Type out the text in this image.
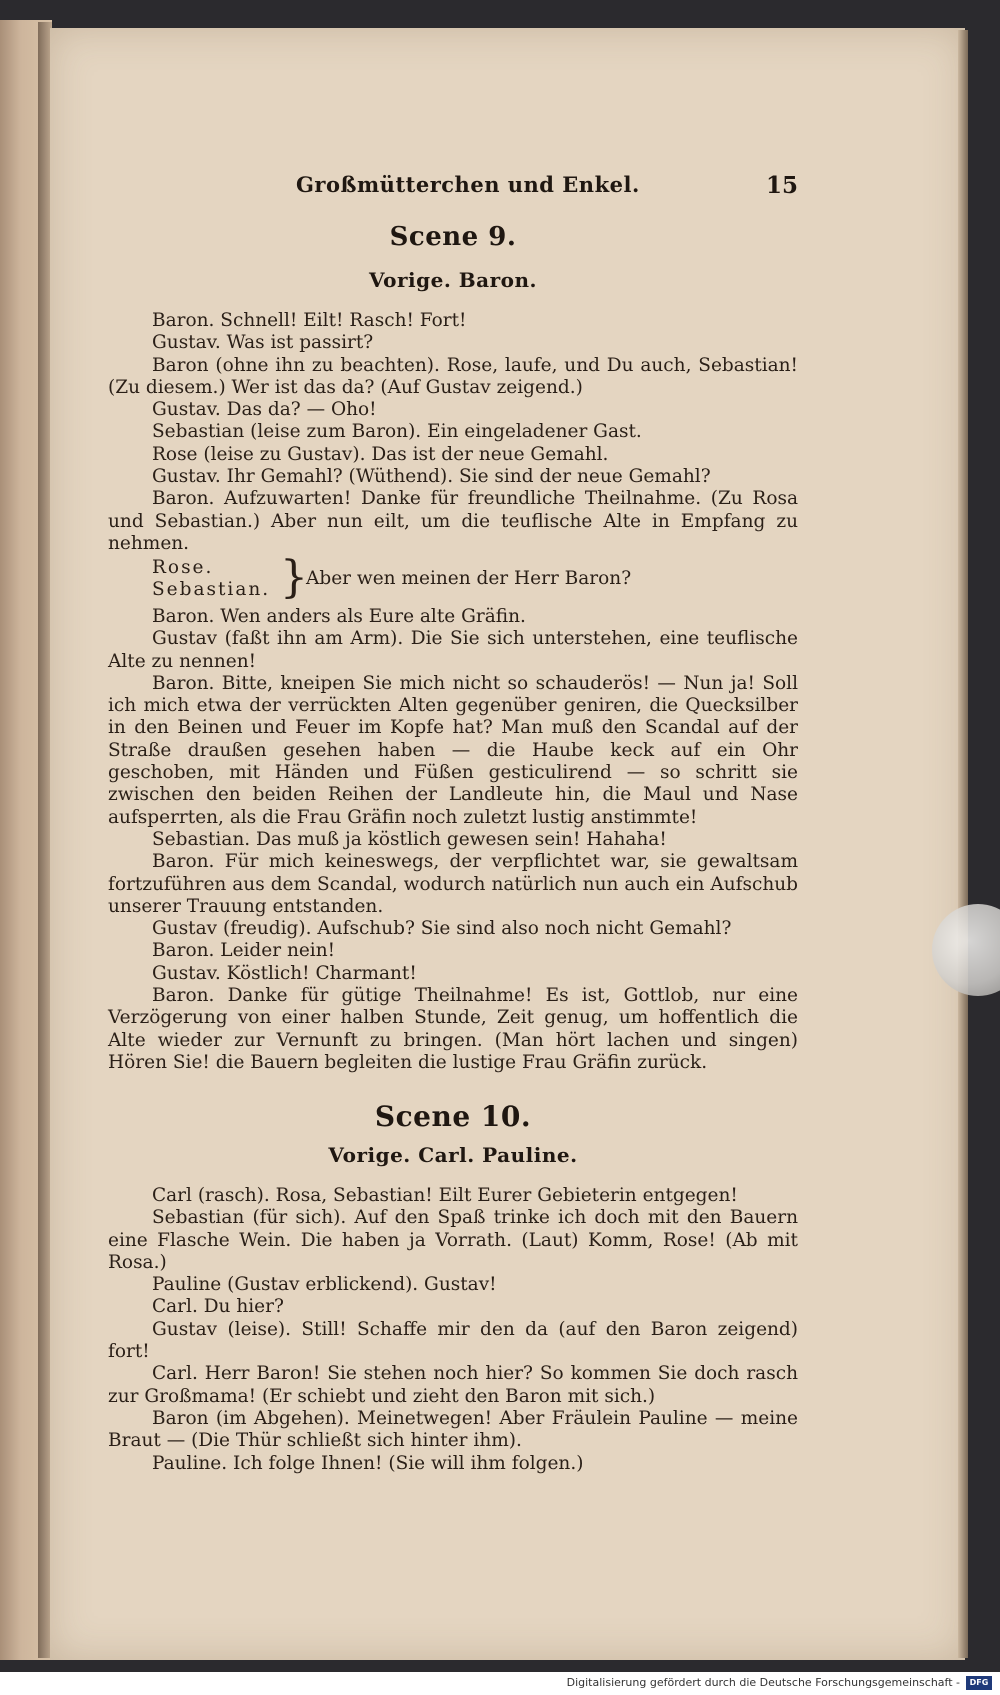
Großmütterchen und Enkel.	15
Scene 9.
Vorige. Baron.

Baron. Schnell! Eilt! Rasch! Fort!

Gustav. Was ist passirt?

Baron (ohne ihn zu beachten). Rose, laufe, und Du auch, Sebastian! (Zu diesem.) Wer ist das da? (Auf Gustav zeigend.)

Gustav. Das da? — Oho!

Sebastian (leise zum Baron). Ein eingeladener Gast.

Rose (leise zu Gustav). Das ist der neue Gemahl.

Gustav. Ihr Gemahl? (Wüthend). Sie sind der neue Gemahl?

Baron. Aufzuwarten! Danke für freundliche Theilnahme. (Zu Rosa und Sebastian.) Aber nun eilt, um die teuflische Alte in Empfang zu nehmen.

Rose.
Sebastian. }
Aber wen meinen der Herr Baron?

Baron. Wen anders als Eure alte Gräfin.

Gustav (faßt ihn am Arm). Die Sie sich unterstehen, eine teuflische Alte zu nennen!

Baron. Bitte, kneipen Sie mich nicht so schauderös! — Nun ja! Soll ich mich etwa der verrückten Alten gegenüber geniren, die Quecksilber in den Beinen und Feuer im Kopfe hat? Man muß den Scandal auf der Straße draußen gesehen haben — die Haube keck auf ein Ohr geschoben, mit Händen und Füßen gesticulirend — so schritt sie zwischen den beiden Reihen der Landleute hin, die Maul und Nase aufsperrten, als die Frau Gräfin noch zuletzt lustig anstimmte!

Sebastian. Das muß ja köstlich gewesen sein! Hahaha!

Baron. Für mich keineswegs, der verpflichtet war, sie gewaltsam fortzuführen aus dem Scandal, wodurch natürlich nun auch ein Aufschub unserer Trauung entstanden.

Gustav (freudig). Aufschub? Sie sind also noch nicht Gemahl?

Baron. Leider nein!

Gustav. Köstlich! Charmant!

Baron. Danke für gütige Theilnahme! Es ist, Gottlob, nur eine Verzögerung von einer halben Stunde, Zeit genug, um hoffentlich die Alte wieder zur Vernunft zu bringen. (Man hört lachen und singen) Hören Sie! die Bauern begleiten die lustige Frau Gräfin zurück.

Scene 10.
Vorige. Carl. Pauline.

Carl (rasch). Rosa, Sebastian! Eilt Eurer Gebieterin entgegen!

Sebastian (für sich). Auf den Spaß trinke ich doch mit den Bauern eine Flasche Wein. Die haben ja Vorrath. (Laut) Komm, Rose! (Ab mit Rosa.)

Pauline (Gustav erblickend). Gustav!

Carl. Du hier?

Gustav (leise). Still! Schaffe mir den da (auf den Baron zeigend) fort!

Carl. Herr Baron! Sie stehen noch hier? So kommen Sie doch rasch zur Großmama! (Er schiebt und zieht den Baron mit sich.)

Baron (im Abgehen). Meinetwegen! Aber Fräulein Pauline — meine Braut — (Die Thür schließt sich hinter ihm).

Pauline. Ich folge Ihnen! (Sie will ihm folgen.)

Digitalisierung gefördert durch die Deutsche Forschungsgemeinschaft -	DFG
